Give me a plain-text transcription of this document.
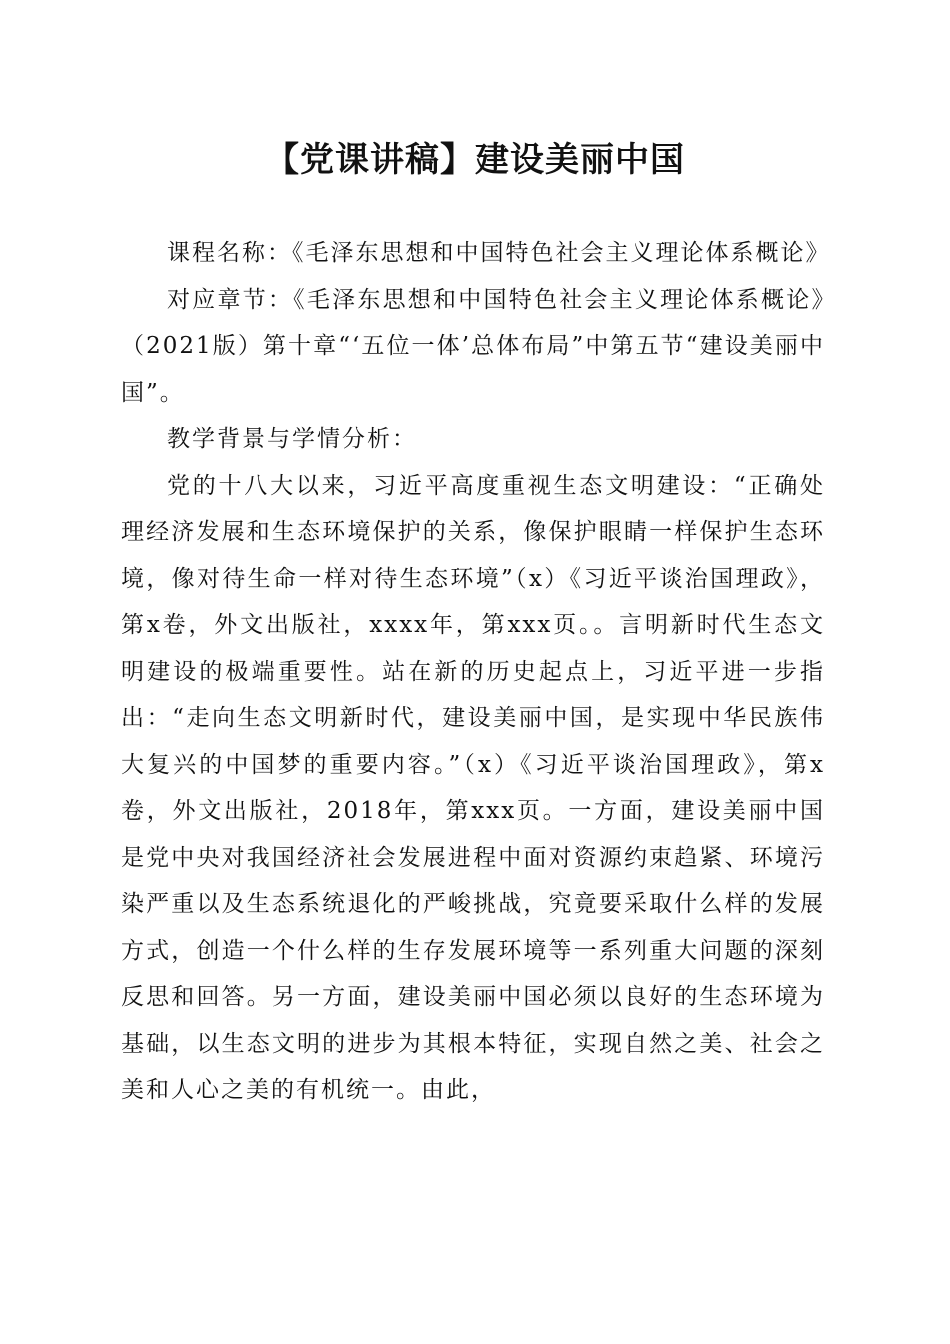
【党课讲稿】建设美丽中国

课程名称：《毛泽东思想和中国特色社会主义理论体系概论》

对应章节：《毛泽东思想和中国特色社会主义理论体系概论》（2021版）第十章“‘五位一体’总体布局”中第五节“建设美丽中国”。

教学背景与学情分析：

党的十八大以来，习近平高度重视生态文明建设：“正确处理经济发展和生态环境保护的关系，像保护眼睛一样保护生态环境，像对待生命一样对待生态环境”（x）《习近平谈治国理政》，第x卷，外文出版社，xxxx年，第xxx页。。言明新时代生态文明建设的极端重要性。站在新的历史起点上，习近平进一步指出：“走向生态文明新时代，建设美丽中国，是实现中华民族伟大复兴的中国梦的重要内容。”（x）《习近平谈治国理政》，第x卷，外文出版社，2018年，第xxx页。一方面，建设美丽中国是党中央对我国经济社会发展进程中面对资源约束趋紧、环境污染严重以及生态系统退化的严峻挑战，究竟要采取什么样的发展方式，创造一个什么样的生存发展环境等一系列重大问题的深刻反思和回答。另一方面，建设美丽中国必须以良好的生态环境为基础，以生态文明的进步为其根本特征，实现自然之美、社会之美和人心之美的有机统一。由此，
